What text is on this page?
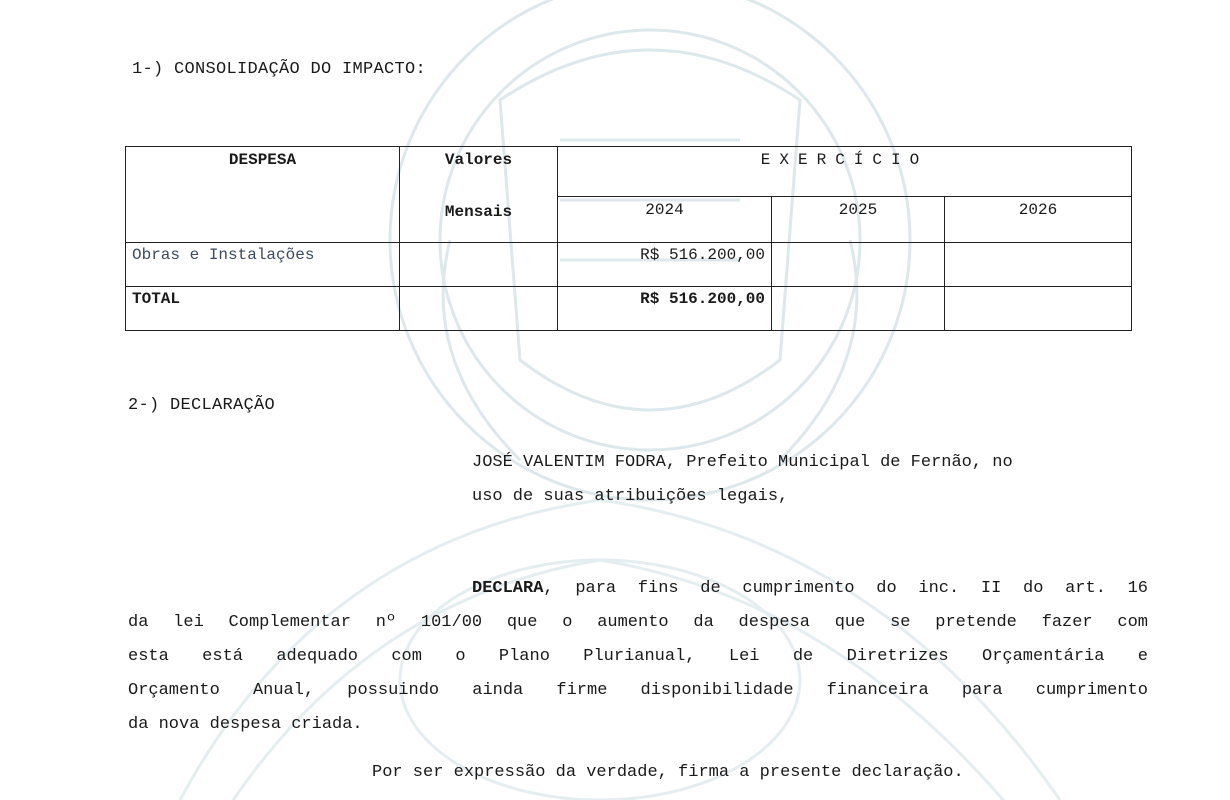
1-) CONSOLIDAÇÃO DO IMPACTO:
DESPESA	Valores	EXERCÍCIO		
	Mensais	2024	2025	2026
Obras e Instalações		R$ 516.200,00		
TOTAL		R$ 516.200,00		
2-) DECLARAÇÃO
JOSÉ VALENTIM FODRA, Prefeito Municipal de Fernão, no
uso de suas atribuições legais,
DECLARA, para fins de cumprimento do inc. II do art. 16
da lei Complementar nº 101/00 que o aumento da despesa que se pretende fazer com
esta está adequado com o Plano Plurianual, Lei de Diretrizes Orçamentária e
Orçamento Anual, possuindo ainda firme disponibilidade financeira para cumprimento
da nova despesa criada.
Por ser expressão da verdade, firma a presente declaração.
